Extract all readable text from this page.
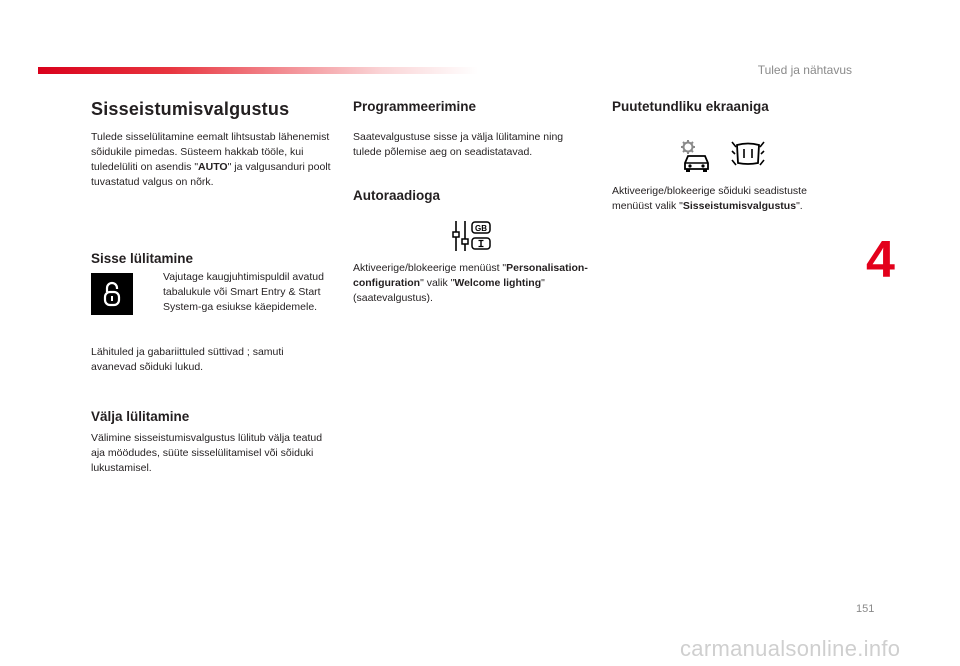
Tuled ja nähtavus
4
151
carmanualsonline.info
Sisseistumisvalgustus

Tulede sisselülitamine eemalt lihtsustab lähenemist sõidukile pimedas. Süsteem hakkab tööle, kui tuledelüliti on asendis "AUTO" ja valgusanduri poolt tuvastatud valgus on nõrk.

Sisse lülitamine
Vajutage kaugjuhtimispuldil avatud tabalukule või Smart Entry & Start System-ga esiukse käepidemele.

Lähituled ja gabariittuled süttivad ; samuti avanevad sõiduki lukud.

Välja lülitamine

Välimine sisseistumisvalgustus lülitub välja teatud aja möödudes, süüte sisselülitamisel või sõiduki lukustamisel.

Programmeerimine

Saatevalgustuse sisse ja välja lülitamine ning tulede põlemise aeg on seadistatavad.

Autoraadioga
GB

Aktiveerige/blokeerige menüüst "Personalisation-configuration" valik "Welcome lighting" (saatevalgustus).

Puutetundliku ekraaniga

Aktiveerige/blokeerige sõiduki seadistuste menüüst valik "Sisseistumisvalgustus".
